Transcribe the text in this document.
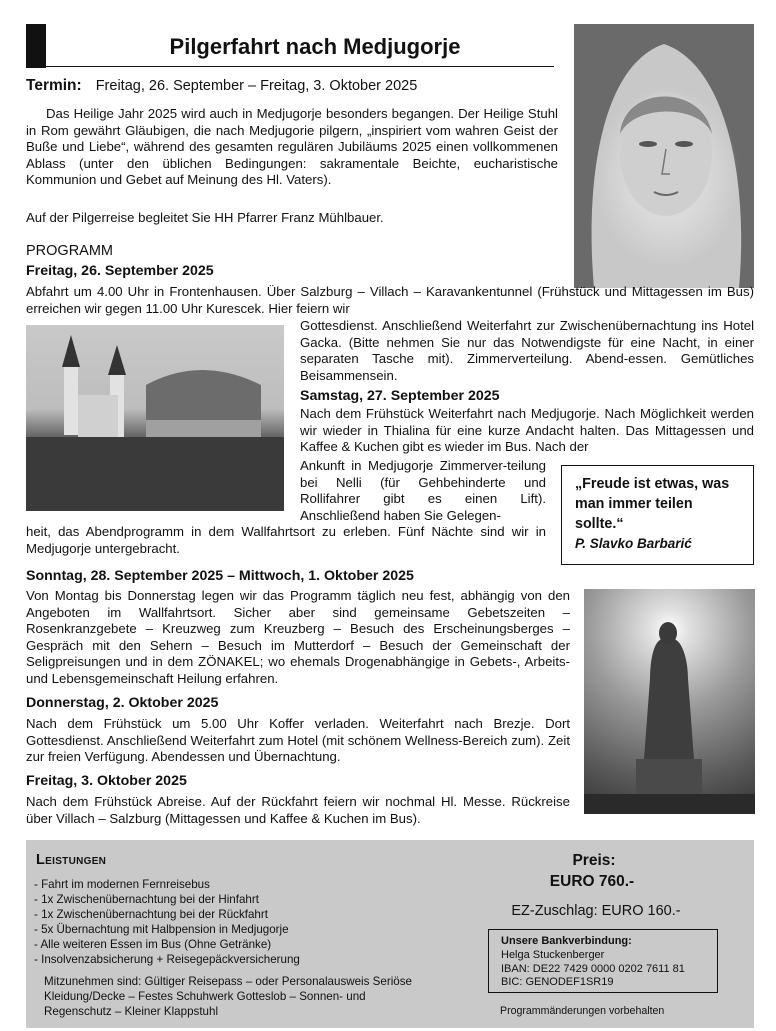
Pilgerfahrt nach Medjugorje
Termin: Freitag, 26. September – Freitag, 3. Oktober 2025

Das Heilige Jahr 2025 wird auch in Medjugorje besonders begangen. Der Heilige Stuhl in Rom gewährt Gläubigen, die nach Medjugorie pilgern, „inspiriert vom wahren Geist der Buße und Liebe“, während des gesamten regulären Jubiläums 2025 einen vollkommenen Ablass (unter den üblichen Bedingungen: sakramentale Beichte, eucharistische Kommunion und Gebet auf Meinung des Hl. Vaters).

Auf der Pilgerreise begleitet Sie HH Pfarrer Franz Mühlbauer.

PROGRAMM
Freitag, 26. September 2025

Abfahrt um 4.00 Uhr in Frontenhausen. Über Salzburg – Villach – Karavankentunnel (Frühstück und Mittagessen im Bus) erreichen wir gegen 11.00 Uhr Kurescek. Hier feiern wir

Gottesdienst. Anschließend Weiterfahrt zur Zwischenübernachtung ins Hotel Gacka. (Bitte nehmen Sie nur das Notwendigste für eine Nacht, in einer separaten Tasche mit). Zimmerverteilung. Abend-essen. Gemütliches Beisammensein.

Samstag, 27. September 2025

Nach dem Frühstück Weiterfahrt nach Medjugorje. Nach Möglichkeit werden wir wieder in Thialina für eine kurze Andacht halten. Das Mittagessen und Kaffee & Kuchen gibt es wieder im Bus. Nach der

Ankunft in Medjugorje Zimmerver-teilung bei Nelli (für Gehbehinderte und Rollifahrer gibt es einen Lift). Anschließend haben Sie Gelegen-

heit, das Abendprogramm in dem Wallfahrtsort zu erleben. Fünf Nächte sind wir in Medjugorje untergebracht.

„Freude ist etwas, was man immer teilen sollte.“
P. Slavko Barbarić
Sonntag, 28. September 2025 – Mittwoch, 1. Oktober 2025

Von Montag bis Donnerstag legen wir das Programm täglich neu fest, abhängig von den Angeboten im Wallfahrtsort. Sicher aber sind gemeinsame Gebetszeiten – Rosenkranzgebete – Kreuzweg zum Kreuzberg – Besuch des Erscheinungsberges – Gespräch mit den Sehern – Besuch im Mutterdorf – Besuch der Gemeinschaft der Seligpreisungen und in dem ZÖNAKEL; wo ehemals Drogenabhängige in Gebets-, Arbeits- und Lebensgemeinschaft Heilung erfahren.

Donnerstag, 2. Oktober 2025

Nach dem Frühstück um 5.00 Uhr Koffer verladen. Weiterfahrt nach Brezje. Dort Gottesdienst. Anschließend Weiterfahrt zum Hotel (mit schönem Wellness-Bereich zum). Zeit zur freien Verfügung. Abendessen und Übernachtung.

Freitag, 3. Oktober 2025

Nach dem Frühstück Abreise. Auf der Rückfahrt feiern wir nochmal Hl. Messe. Rückreise über Villach – Salzburg (Mittagessen und Kaffee & Kuchen im Bus).

Leistungen
- Fahrt im modernen Fernreisebus
- 1x Zwischenübernachtung bei der Hinfahrt
- 1x Zwischenübernachtung bei der Rückfahrt
- 5x Übernachtung mit Halbpension in Medjugorje
- Alle weiteren Essen im Bus (Ohne Getränke)
- Insolvenzabsicherung + Reisegepäckversicherung

Mitzunehmen sind: Gültiger Reisepass – oder Personalausweis Seriöse Kleidung/Decke – Festes Schuhwerk Gotteslob – Sonnen- und Regenschutz – Kleiner Klappstuhl

Preis:
EURO 760.-
EZ-Zuschlag: EURO 160.-
Unsere Bankverbindung:
Helga Stuckenberger
IBAN: DE22 7429 0000 0202 7611 81
BIC: GENODEF1SR19
Programmänderungen vorbehalten
